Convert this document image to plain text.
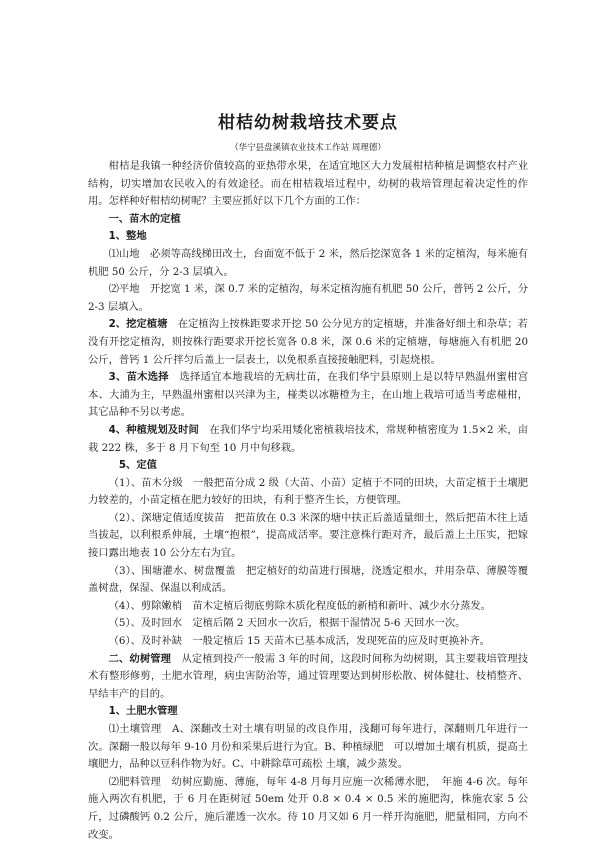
柑桔幼树栽培技术要点
（华宁县盘溪镇农业技术工作站 周理德）

柑桔是我镇一种经济价值较高的亚热带水果，在适宜地区大力发展柑桔种植是调整农村产业结构，切实增加农民收入的有效途径。而在柑桔栽培过程中，幼树的栽培管理起着决定性的作用。怎样种好柑桔幼树呢？主要应抓好以下几个方面的工作：

一、苗木的定植

1、整地

⑴山地　必须等高线梯田改土，台面宽不低于 2 米，然后挖深宽各 1 米的定植沟，每米施有机肥 50 公斤，分 2-3 层填入。

⑵平地　开挖宽 1 米，深 0.7 米的定植沟，每米定植沟施有机肥 50 公斤，普钙 2 公斤，分 2-3 层填入。

2、挖定植塘　在定植沟上按株距要求开挖 50 公分见方的定植塘，并准备好细土和杂草；若没有开挖定植沟，则按株行距要求开挖长宽各 0.8 米，深 0.6 米的定植塘，每塘施入有机肥 20 公斤，普钙 1 公斤拌匀后盖上一层表土，以免根系直接接触肥料，引起烧根。

3、苗木选择　选择适宜本地栽培的无病壮苗，在我们华宁县原则上是以特早熟温州蜜柑宫本、大浦为主，早熟温州蜜柑以兴津为主，椪类以冰糖橙为主，在山地上栽培可适当考虑椪柑，其它品种不另以考虑。

4、种植规划及时间　在我们华宁均采用矮化密植栽培技术，常规种植密度为 1.5×2 米，亩栽 222 株，多于 8 月下旬至 10 月中旬移栽。

5、定值

（1）、苗木分级　一般把苗分成 2 级（大苗、小苗）定植于不同的田块，大苗定植于土壤肥力较差的，小苗定植在肥力较好的田块，有利于整齐生长，方便管理。

（2）、深塘定值适度拔苗　把苗放在 0.3 米深的塘中扶正后盖适量细土，然后把苗木往上适当拔起，以利根系伸展，土壤“抱根”，提高成活率。要注意株行距对齐，最后盖上土压实，把嫁接口露出地表 10 公分左右为宜。

（3）、围塘灌水、树盘覆盖　把定植好的幼苗进行围塘，浇透定根水，并用杂草、薄膜等覆盖树盘，保湿、保温以利成活。

（4）、剪除嫩梢　苗木定植后彻底剪除木质化程度低的新梢和新叶、减少水分蒸发。

（5）、及时回水　定植后隔 2 天回水一次后，根据干湿情况 5-6 天回水一次。

（6）、及时补缺　一般定植后 15 天苗木已基本成活，发现死苗的应及时更换补齐。

二、幼树管理　从定植到投产一般需 3 年的时间，这段时间称为幼树期，其主要栽培管理技术有整形修剪，土肥水管理，病虫害防治等，通过管理要达到树形松散、树体健壮、枝梢整齐、早结丰产的目的。

1、土肥水管理

⑴土壤管理　A、深翻改土对土壤有明显的改良作用，浅翻可每年进行，深翻则几年进行一次。深翻一般以每年 9-10 月份和采果后进行为宜。B、种植绿肥　可以增加土壤有机质，提高土壤肥力，品种以豆科作物为好。C、中耕除草可疏松 土壤，减少蒸发。

⑵肥料管理　幼树应勤施、薄施，每年 4-8 月每月应施一次稀薄水肥，　年施 4-6 次。每年施入两次有机肥，于 6 月在距树冠 50em 处开 0.8 × 0.4 × 0.5 米的施肥沟，株施农家 5 公斤，过磷酸钙 0.2 公斤，施后灌透一次水。待 10 月又如 6 月一样开沟施肥，肥量相同，方向不改变。
